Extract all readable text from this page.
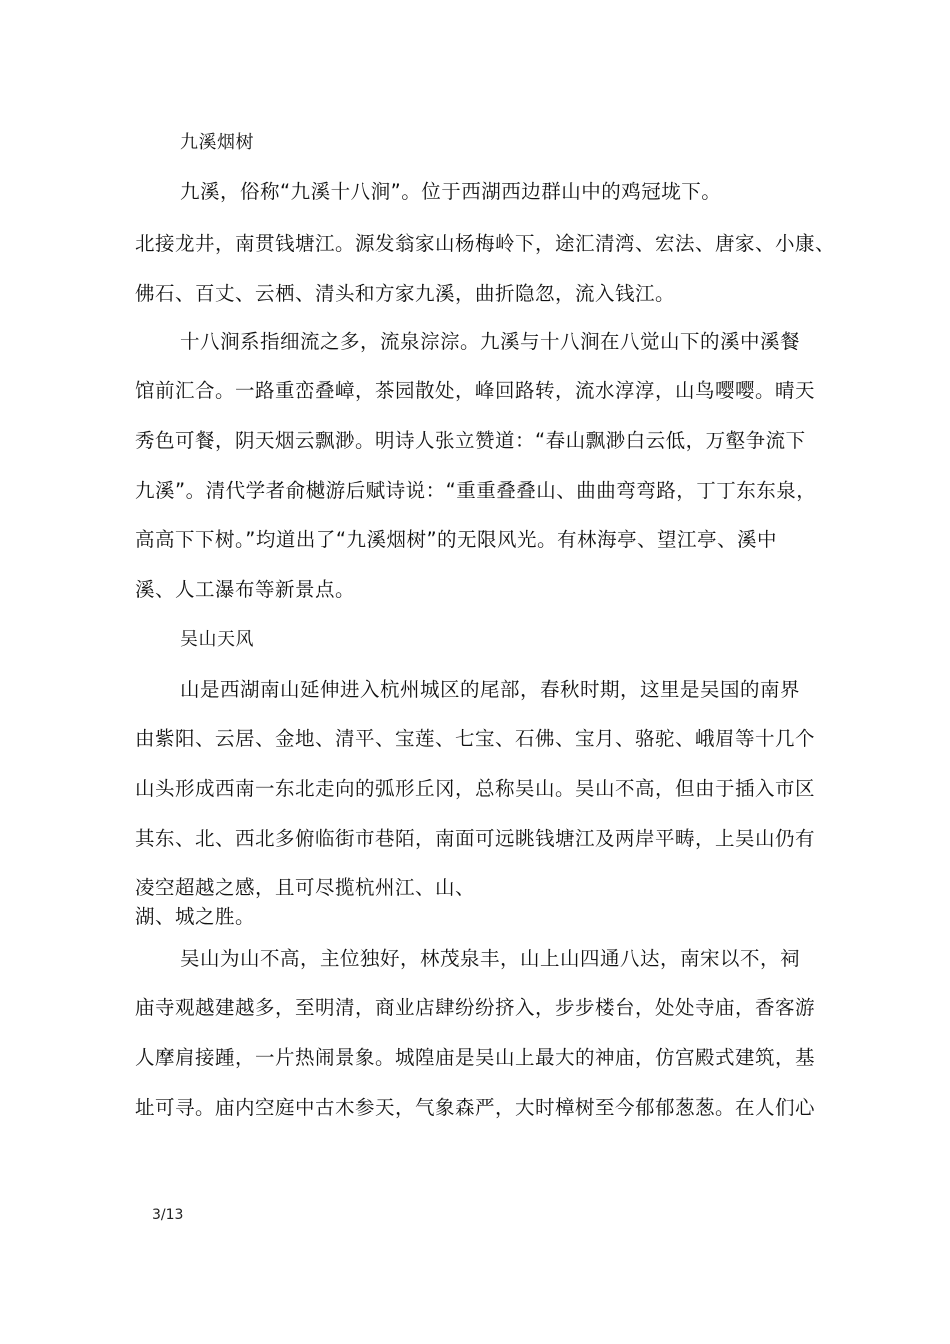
九溪烟树

九溪，俗称“九溪十八涧”。位于西湖西边群山中的鸡冠垅下。

北接龙井，南贯钱塘江。源发翁家山杨梅岭下，途汇清湾、宏法、唐家、小康、

佛石、百丈、云栖、清头和方家九溪，曲折隐忽，流入钱江。

十八涧系指细流之多，流泉淙淙。九溪与十八涧在八觉山下的溪中溪餐

馆前汇合。一路重峦叠嶂，茶园散处，峰回路转，流水淳淳，山鸟嘤嘤。晴天

秀色可餐，阴天烟云飘渺。明诗人张立赞道：“春山飘渺白云低，万壑争流下

九溪”。清代学者俞樾游后赋诗说：“重重叠叠山、曲曲弯弯路，丁丁东东泉，

高高下下树。”均道出了“九溪烟树”的无限风光。有林海亭、望江亭、溪中

溪、人工瀑布等新景点。

吴山天风

山是西湖南山延伸进入杭州城区的尾部，春秋时期，这里是吴国的南界

由紫阳、云居、金地、清平、宝莲、七宝、石佛、宝月、骆驼、峨眉等十几个

山头形成西南一东北走向的弧形丘冈，总称吴山。吴山不高，但由于插入市区

其东、北、西北多俯临街市巷陌，南面可远眺钱塘江及两岸平畴，上吴山仍有

凌空超越之感，且可尽揽杭州江、山、

湖、城之胜。

吴山为山不高，主位独好，林茂泉丰，山上山四通八达，南宋以不，祠

庙寺观越建越多，至明清，商业店肆纷纷挤入，步步楼台，处处寺庙，香客游

人摩肩接踵，一片热闹景象。城隍庙是吴山上最大的神庙，仿宫殿式建筑，基

址可寻。庙内空庭中古木参天，气象森严，大时樟树至今郁郁葱葱。在人们心

3/13
